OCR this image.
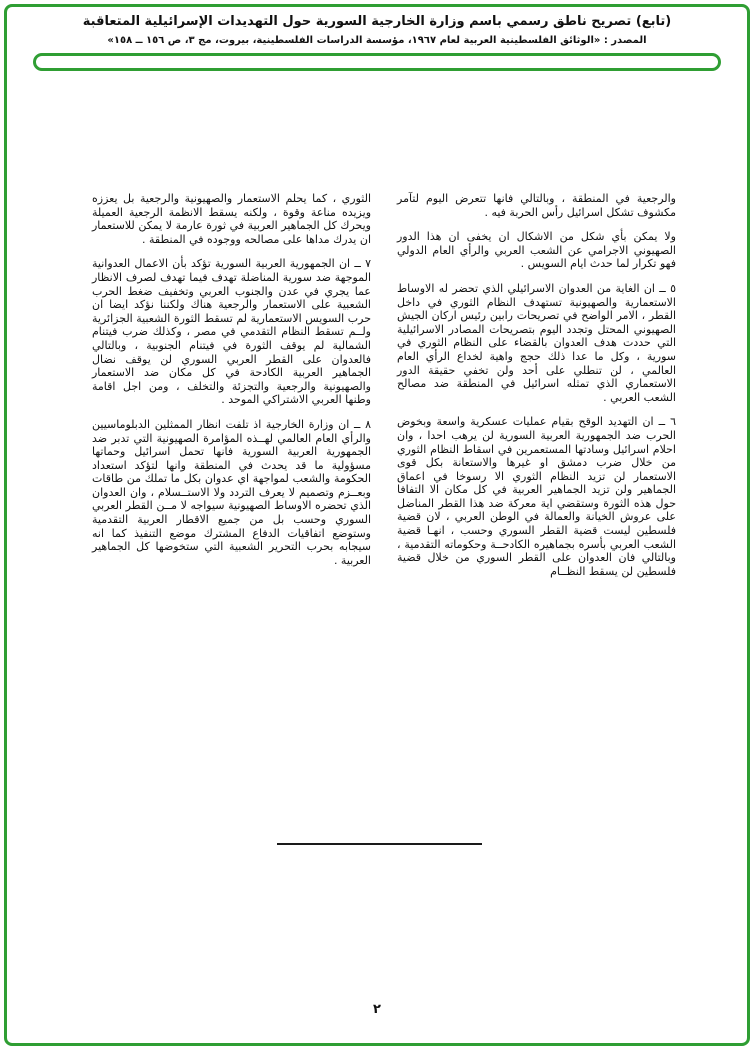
(تابع) تصريح ناطق رسمي باسم وزارة الخارجية السورية حول التهديدات الإسرائيلية المتعاقبة
المصدر : «الوثائق الفلسطينية العربية لعام ١٩٦٧، مؤسسة الدراسات الفلسطينية، بيروت، مج ٣، ص ١٥٦ ــ ١٥٨»

والرجعية في المنطقة ، وبالتالي فانها تتعرض اليوم لتآمر مكشوف تشكل اسرائيل رأس الحربة فيه .

ولا يمكن بأي شكل من الاشكال ان يخفى ان هذا الدور الصهيوني الاجرامي عن الشعب العربي والرأي العام الدولي فهو تكرار لما حدث ايام السويس .

٥ ــ ان الغاية من العدوان الاسرائيلي الذي تحضر له الاوساط الاستعمارية والصهيونية تستهدف النظام الثوري في داخل القطر ، الامر الواضح في تصريحات رابين رئيس اركان الجيش الصهيوني المحتل وتجدد اليوم بتصريحات المصادر الاسرائيلية التي حددت هدف العدوان بالقضاء على النظام الثوري في سورية ، وكل ما عدا ذلك حجج واهية لخداع الرأي العام العالمي ، لن تنطلي على أحد ولن تخفي حقيقة الدور الاستعماري الذي تمثله اسرائيل في المنطقة ضد مصالح الشعب العربي .

٦ ــ ان التهديد الوقح بقيام عمليات عسكرية واسعة وبخوض الحرب ضد الجمهورية العربية السورية لن يرهب احدا ، وان احلام اسرائيل وسادتها المستعمرين في اسقاط النظام الثوري من خلال ضرب دمشق او غيرها والاستعانة بكل قوى الاستعمار لن تزيد النظام الثوري الا رسوخا في اعماق الجماهير ولن تزيد الجماهير العربية في كل مكان الا التفافا حول هذه الثورة وستقضي اية معركة ضد هذا القطر المناضل على عروش الخيانة والعمالة في الوطن العربي ، لان قضية فلسطين ليست قضية القطر السوري وحسب ، انهـا قضية الشعب العربي بأسره بجماهيره الكادحــة وحكوماته التقدمية ، وبالتالي فان العدوان على القطر السوري من خلال قضية فلسطين لن يسقط النظــام

الثوري ، كما يحلم الاستعمار والصهيونية والرجعية بل يعززه ويزيده مناعة وقوة ، ولكنه يسقط الانظمة الرجعية العميلة ويحرك كل الجماهير العربية في ثورة عارمة لا يمكن للاستعمار ان يدرك مداها على مصالحه ووجوده في المنطقة .

٧ ــ ان الجمهورية العربية السورية تؤكد بأن الاعمال العدوانية الموجهة ضد سورية المناضلة تهدف فيما تهدف لصرف الانظار عما يجري في عدن والجنوب العربي وتخفيف ضغط الحرب الشعبية على الاستعمار والرجعية هناك ولكننا نؤكد ايضا ان حرب السويس الاستعمارية لم تسقط الثورة الشعبية الجزائرية ولــم تسقط النظام التقدمي في مصر ، وكذلك ضرب فيتنام الشمالية لم يوقف الثورة في فيتنام الجنوبية ، وبالتالي فالعدوان على القطر العربي السوري لن يوقف نضال الجماهير العربية الكادحة في كل مكان ضد الاستعمار والصهيونية والرجعية والتجزئة والتخلف ، ومن اجل اقامة وطنها العربي الاشتراكي الموحد .

٨ ــ ان وزارة الخارجية اذ تلفت انظار الممثلين الدبلوماسيين والرأي العام العالمي لهــذه المؤامرة الصهيونية التي تدبر ضد الجمهورية العربية السورية فانها تحمل اسرائيل وحماتها مسؤولية ما قد يحدث في المنطقة وانها لتؤكد استعداد الحكومة والشعب لمواجهة اي عدوان بكل ما تملك من طاقات وبعــزم وتصميم لا يعرف التردد ولا الاستــسلام ، وان العدوان الذي تحضره الاوساط الصهيونية سيواجه لا مــن القطر العربي السوري وحسب بل من جميع الاقطار العربية التقدمية وستوضع اتفاقيات الدفاع المشترك موضع التنفيذ كما انه سيجابه بحرب التحرير الشعبية التي ستخوضها كل الجماهير العربية .

٢
